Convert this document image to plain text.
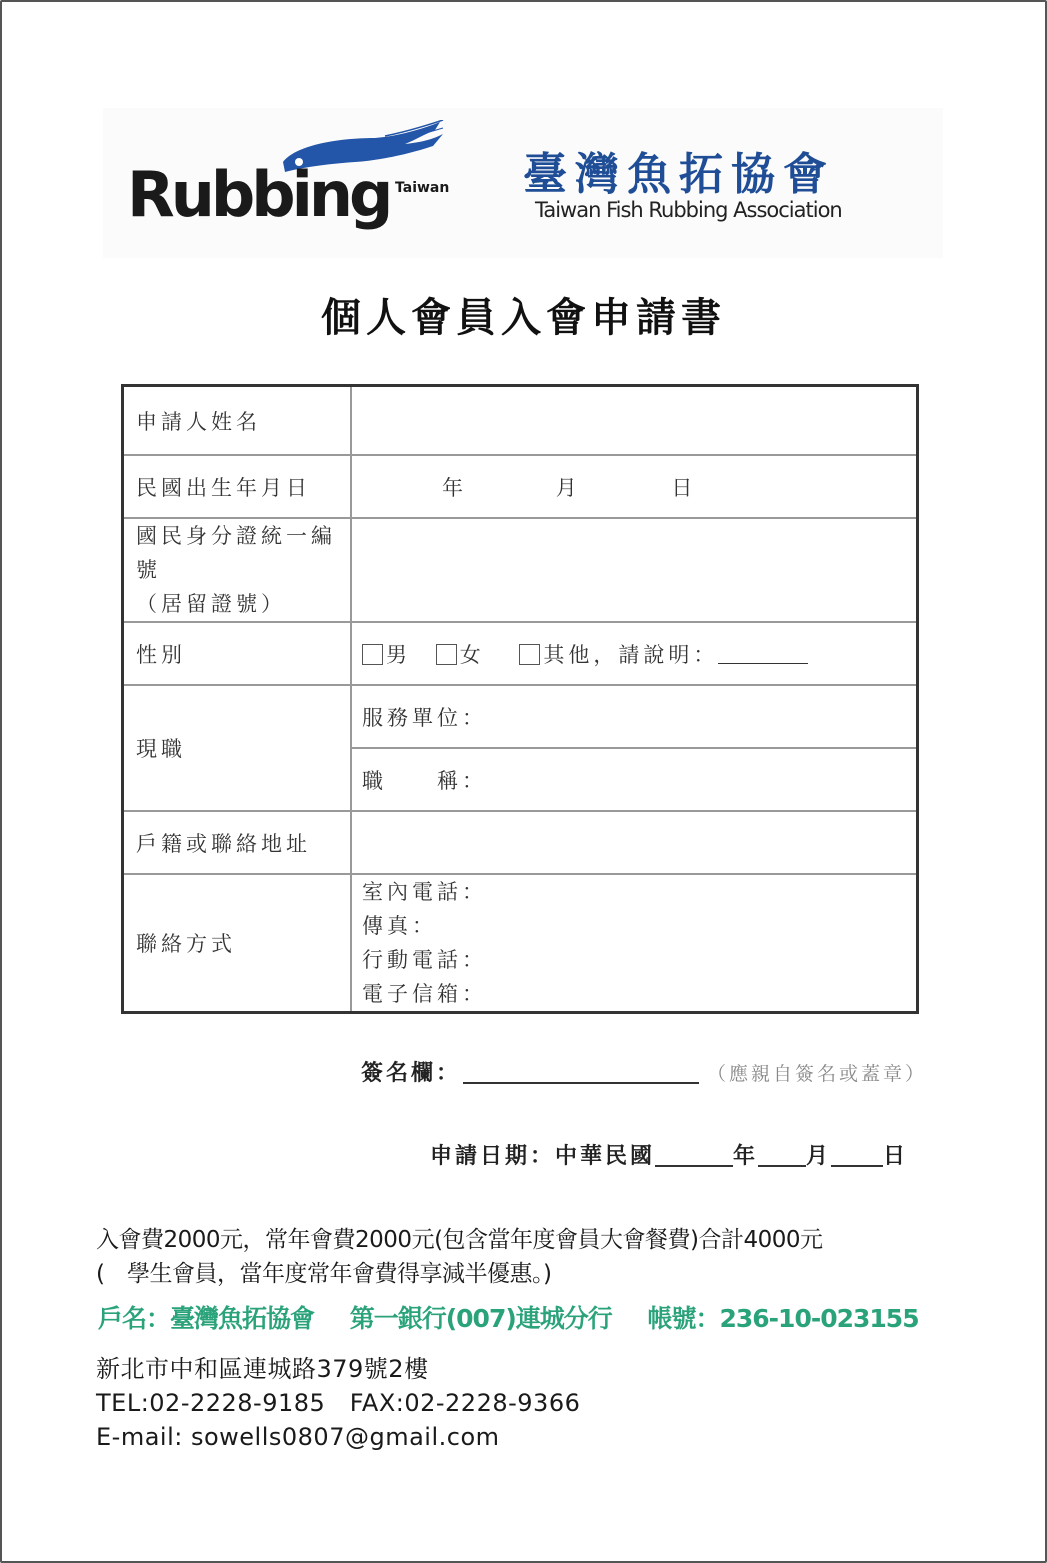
Rubbing Taiwan 臺灣魚拓協會
Taiwan Fish Rubbing Association
個人會員入會申請書
申請人姓名	
民國出生年月日	年 月 日

國民身分證統一編
號
（居留證號）	

性別	男 女 其他，請說明：
現職	服務單位：
	職　　稱：
戶籍或聯絡地址	
聯絡方式	室內電話：
傳真：
行動電話：
電子信箱：
簽名欄：	（應親自簽名或蓋章）
申請日期：中華民國	年 月 日
入會費2000元，常年會費2000元(包含當年度會員大會餐費)合計4000元
(　學生會員，當年度常年會費得享減半優惠。)
戶名：臺灣魚拓協會 第一銀行(007)連城分行 帳號：236-10-023155
新北市中和區連城路379號2樓
TEL:02-2228-9185　FAX:02-2228-9366
E-mail: sowells0807@gmail.com
